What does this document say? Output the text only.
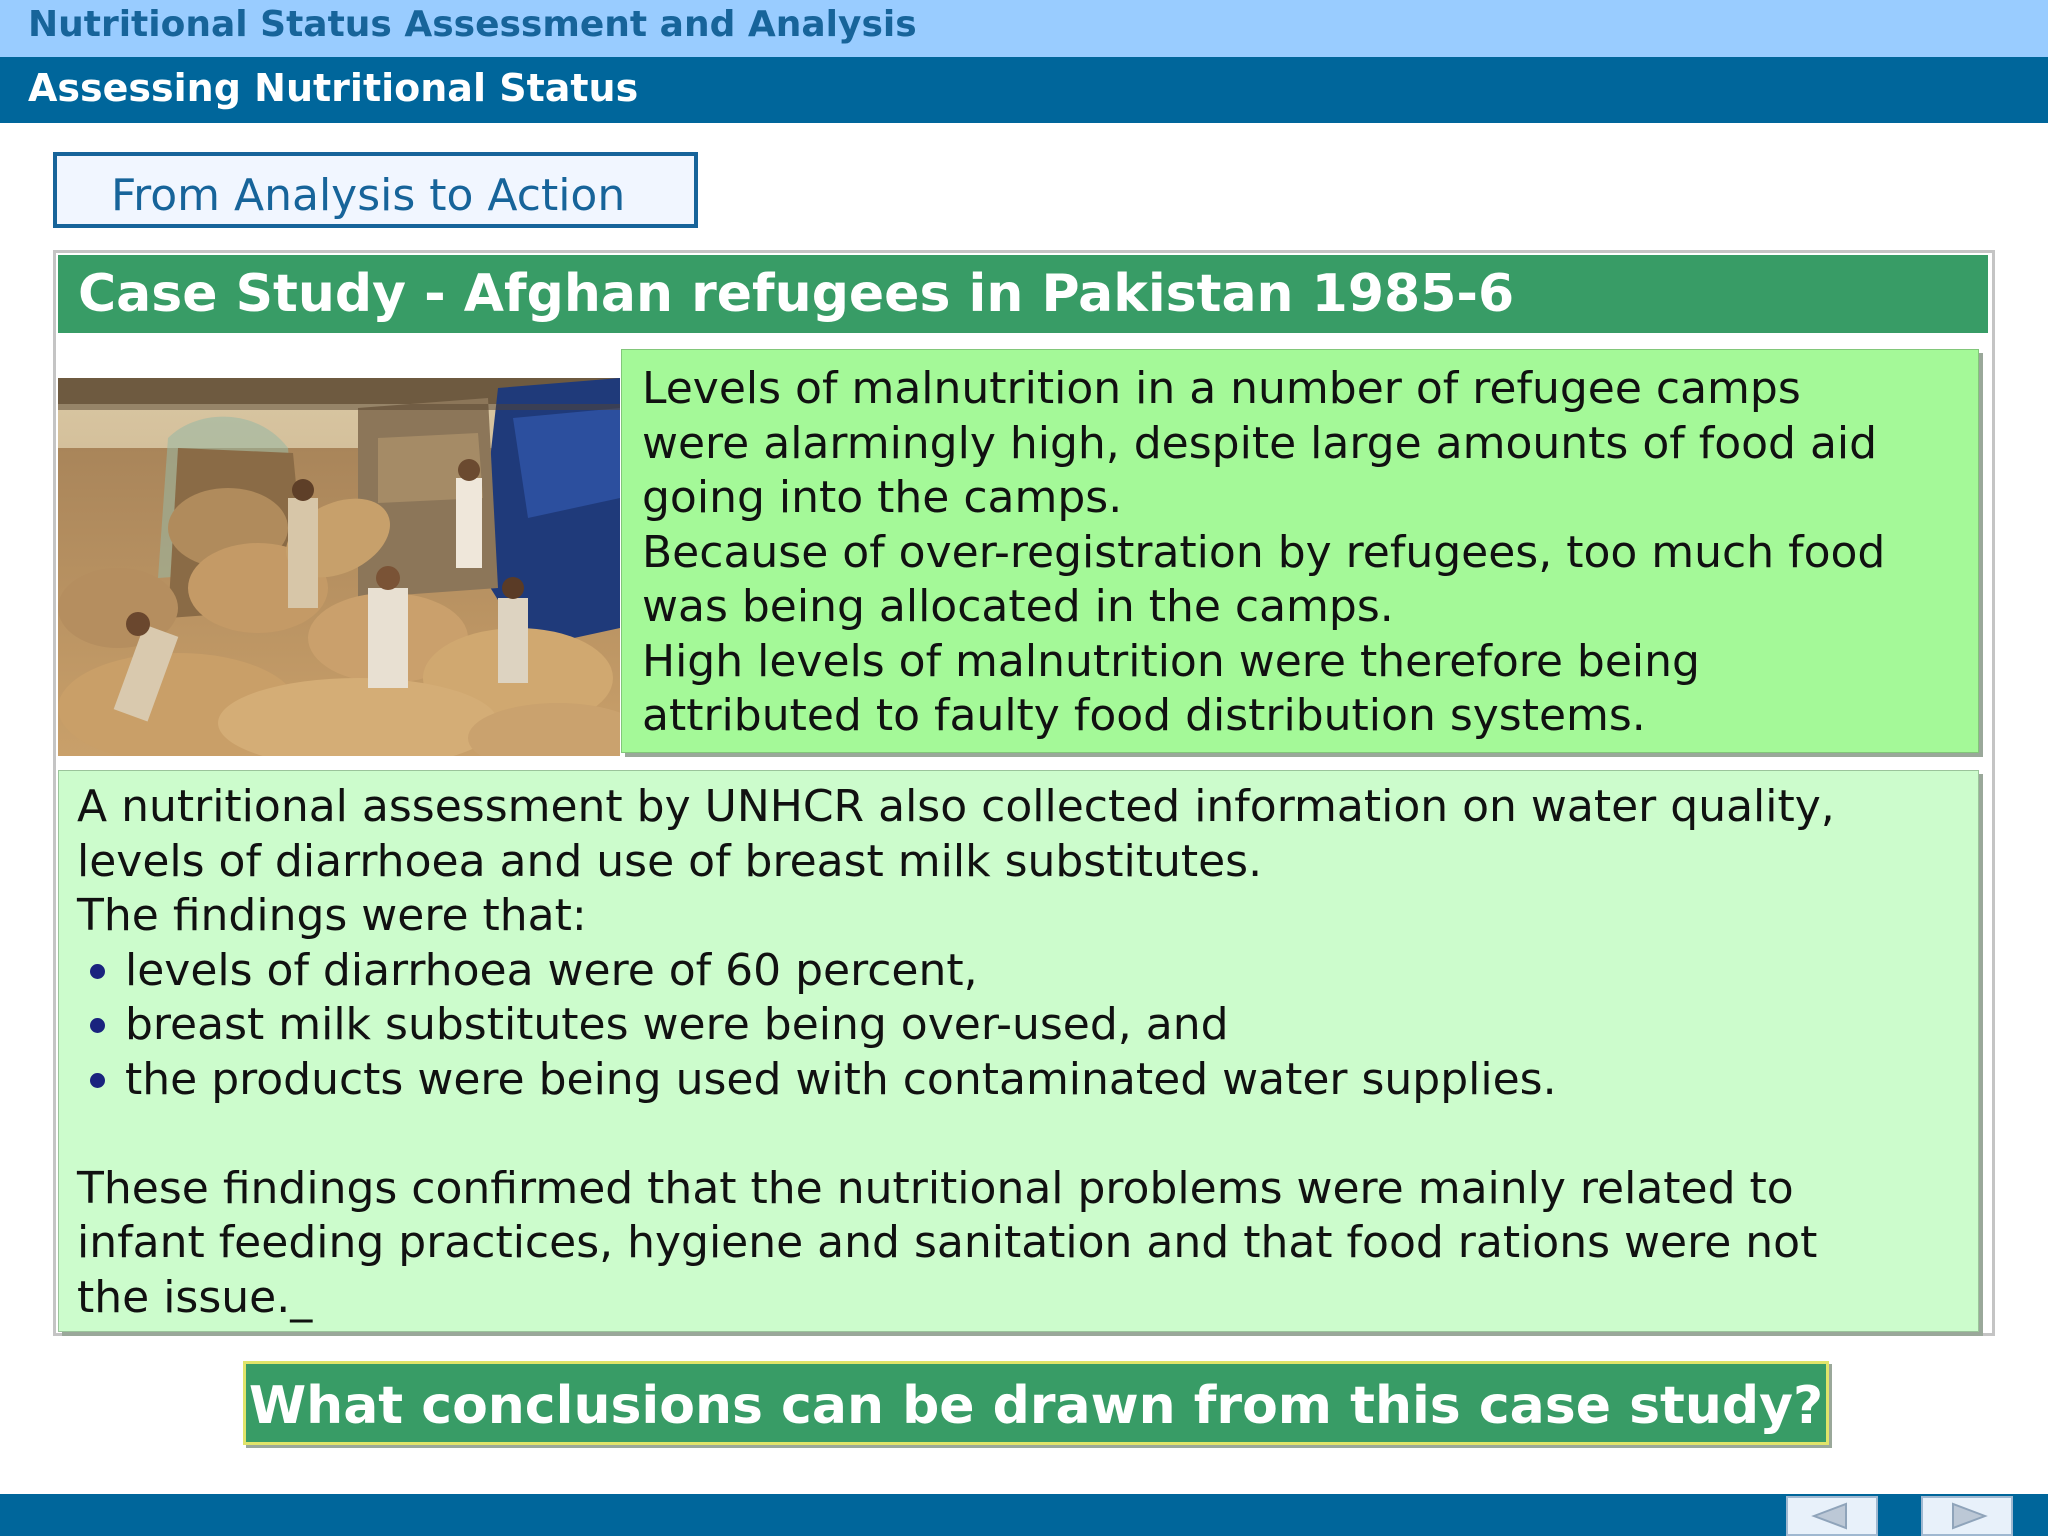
Nutritional Status Assessment and Analysis
Assessing Nutritional Status
From Analysis to Action
Case Study - Afghan refugees in Pakistan 1985-6
Levels of malnutrition in a number of refugee camps
were alarmingly high, despite large amounts of food aid
going into the camps.
Because of over-registration by refugees, too much food
was being allocated in the camps.
High levels of malnutrition were therefore being
attributed to faulty food distribution systems.
A nutritional assessment by UNHCR also collected information on water quality,
levels of diarrhoea and use of breast milk substitutes.
The findings were that:
levels of diarrhoea were of 60 percent,
breast milk substitutes were being over-used, and
the products were being used with contaminated water supplies.
These findings confirmed that the nutritional problems were mainly related to
infant feeding practices, hygiene and sanitation and that food rations were not
the issue._
What conclusions can be drawn from this case study?
